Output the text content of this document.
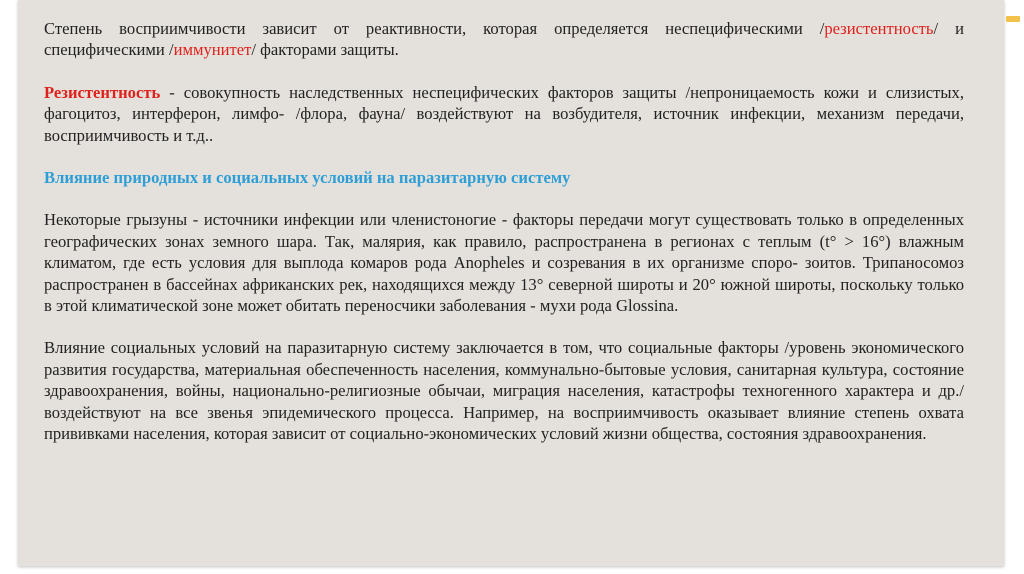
Степень восприимчивости зависит от реактивности, которая определяется неспецифическими /резистентность/ и специфическими /иммунитет/ факторами защиты.

Резистентность - совокупность наследственных неспецифических факторов защиты /непроницаемость кожи и слизистых, фагоцитоз, интерферон, лимфо- /флора, фауна/ воздействуют на возбудителя, источник инфекции, механизм передачи, восприимчивость и т.д..

Влияние природных и социальных условий на паразитарную систему

Некоторые грызуны - источники инфекции или членистоногие - факторы передачи могут существовать только в определенных географических зонах земного шара. Так, малярия, как правило, распространена в регионах с теплым (t° > 16°) влажным климатом, где есть условия для выплода комаров рода Anopheles и созревания в их организме споро- зоитов. Трипаносомоз распространен в бассейнах африканских рек, находящихся между 13° северной широты и 20° южной широты, поскольку только в этой климатической зоне может обитать переносчики заболевания - мухи рода Glossina.

Влияние социальных условий на паразитарную систему заключается в том, что социальные факторы /уровень экономического развития государства, материальная обеспеченность населения, коммунально-бытовые условия, санитарная культура, состояние здравоохранения, войны, национально-религиозные обычаи, миграция населения, катастрофы техногенного характера и др./ воздействуют на все звенья эпидемического процесса. Например, на восприимчивость оказывает влияние степень охвата прививками населения, которая зависит от социально-экономических условий жизни общества, состояния здравоохранения.
